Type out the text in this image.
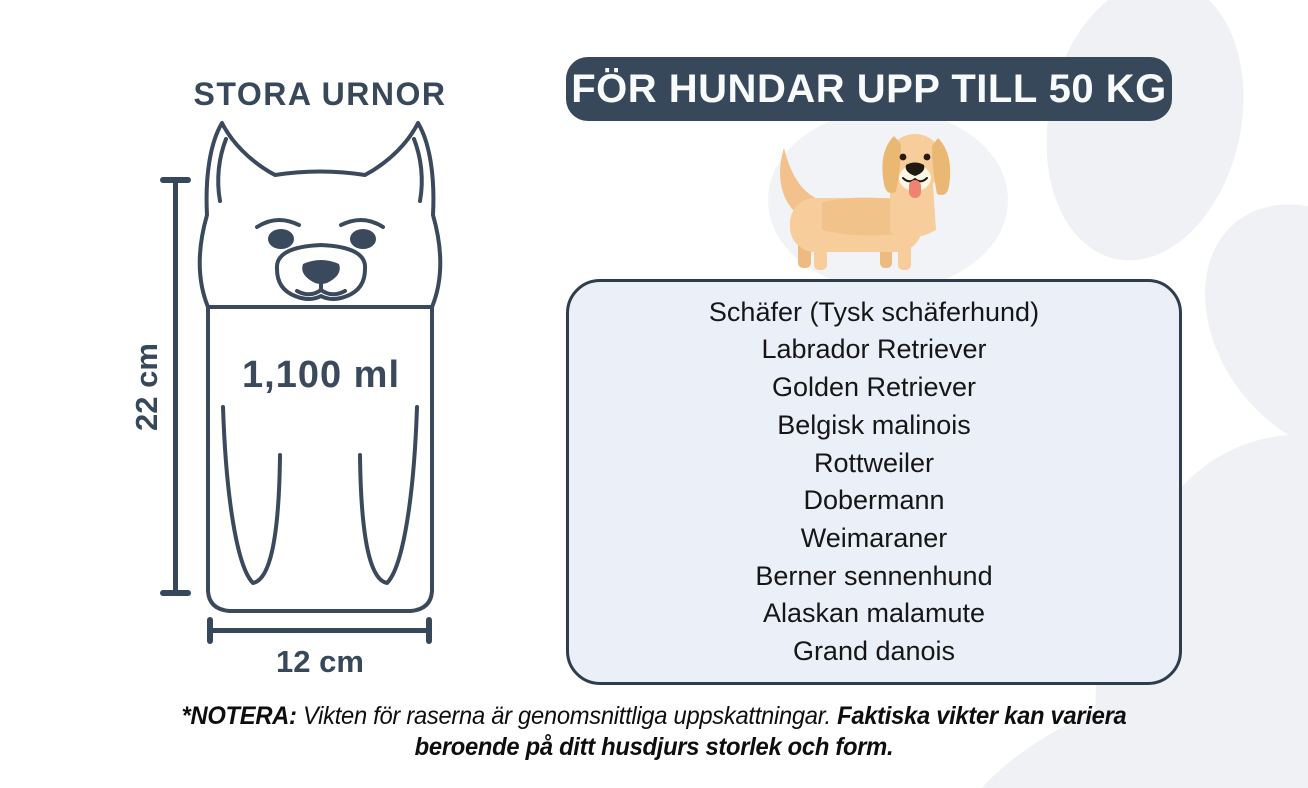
STORA URNOR
1,100 ml
22 cm
12 cm
FÖR HUNDAR UPP TILL 50 KG
Schäfer (Tysk schäferhund)
Labrador Retriever
Golden Retriever
Belgisk malinois
Rottweiler
Dobermann
Weimaraner
Berner sennenhund
Alaskan malamute
Grand danois
*NOTERA: Vikten för raserna är genomsnittliga uppskattningar. Faktiska vikter kan variera
beroende på ditt husdjurs storlek och form.
